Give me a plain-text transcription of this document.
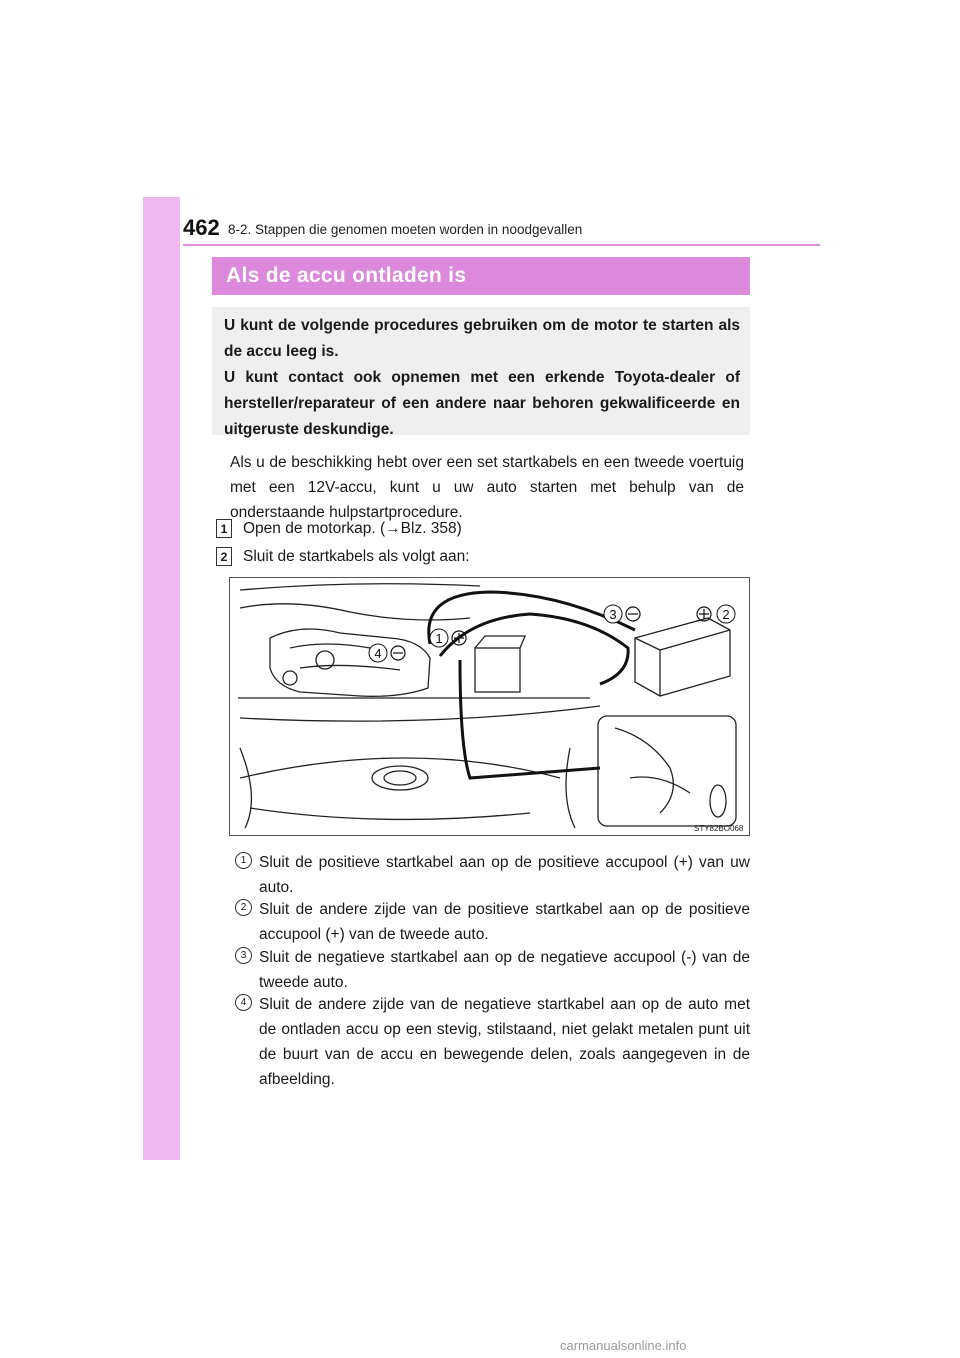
462 8-2. Stappen die genomen moeten worden in noodgevallen
Als de accu ontladen is

U kunt de volgende procedures gebruiken om de motor te starten als de accu leeg is.

U kunt contact ook opnemen met een erkende Toyota-dealer of hersteller/reparateur of een andere naar behoren gekwalificeerde en uitgeruste deskundige.

Als u de beschikking hebt over een set startkabels en een tweede voertuig met een 12V-accu, kunt u uw auto starten met behulp van de onderstaande hulpstartprocedure.

1	Open de motorkap. (→Blz. 358)
2	Sluit de startkabels als volgt aan:
1
2
3
4
STY82BO068
1 Sluit de positieve startkabel aan op de positieve accupool (+) van uw auto.

2 Sluit de andere zijde van de positieve startkabel aan op de positieve accupool (+) van de tweede auto.

3 Sluit de negatieve startkabel aan op de negatieve accupool (-) van de tweede auto.

4 Sluit de andere zijde van de negatieve startkabel aan op de auto met de ontladen accu op een stevig, stilstaand, niet gelakt metalen punt uit de buurt van de accu en bewegende delen, zoals aangegeven in de afbeelding.

carmanualsonline.info
